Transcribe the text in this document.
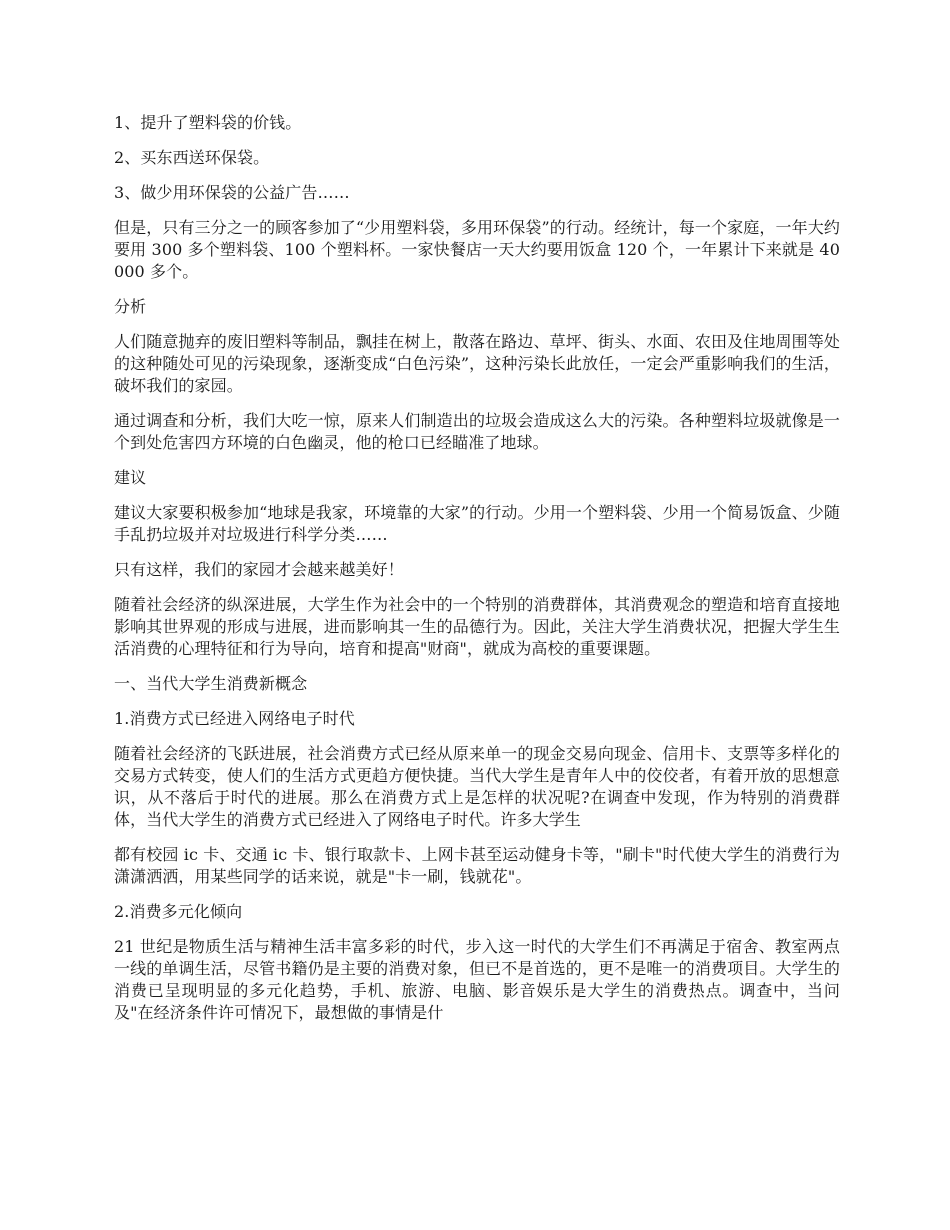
1、提升了塑料袋的价钱。

2、买东西送环保袋。

3、做少用环保袋的公益广告……

但是，只有三分之一的顾客参加了“少用塑料袋，多用环保袋”的行动。经统计，每一个家庭，一年大约要用 300 多个塑料袋、100 个塑料杯。一家快餐店一天大约要用饭盒 120 个，一年累计下来就是 40000 多个。

分析

人们随意抛弃的废旧塑料等制品，飘挂在树上，散落在路边、草坪、街头、水面、农田及住地周围等处的这种随处可见的污染现象，逐渐变成“白色污染”，这种污染长此放任，一定会严重影响我们的生活，破坏我们的家园。

通过调查和分析，我们大吃一惊，原来人们制造出的垃圾会造成这么大的污染。各种塑料垃圾就像是一个到处危害四方环境的白色幽灵，他的枪口已经瞄准了地球。

建议

建议大家要积极参加“地球是我家，环境靠的大家”的行动。少用一个塑料袋、少用一个简易饭盒、少随手乱扔垃圾并对垃圾进行科学分类……

只有这样，我们的家园才会越来越美好！

随着社会经济的纵深进展，大学生作为社会中的一个特别的消费群体，其消费观念的塑造和培育直接地影响其世界观的形成与进展，进而影响其一生的品德行为。因此，关注大学生消费状况，把握大学生生活消费的心理特征和行为导向，培育和提高"财商"，就成为高校的重要课题。

一、当代大学生消费新概念

1.消费方式已经进入网络电子时代

随着社会经济的飞跃进展，社会消费方式已经从原来单一的现金交易向现金、信用卡、支票等多样化的交易方式转变，使人们的生活方式更趋方便快捷。当代大学生是青年人中的佼佼者，有着开放的思想意识，从不落后于时代的进展。那么在消费方式上是怎样的状况呢?在调查中发现，作为特别的消费群体，当代大学生的消费方式已经进入了网络电子时代。许多大学生

都有校园 ic 卡、交通 ic 卡、银行取款卡、上网卡甚至运动健身卡等，"刷卡"时代使大学生的消费行为潇潇洒洒，用某些同学的话来说，就是"卡一刷，钱就花"。

2.消费多元化倾向

21 世纪是物质生活与精神生活丰富多彩的时代，步入这一时代的大学生们不再满足于宿舍、教室两点一线的单调生活，尽管书籍仍是主要的消费对象，但已不是首选的，更不是唯一的消费项目。大学生的消费已呈现明显的多元化趋势，手机、旅游、电脑、影音娱乐是大学生的消费热点。调查中，当问及"在经济条件许可情况下，最想做的事情是什
